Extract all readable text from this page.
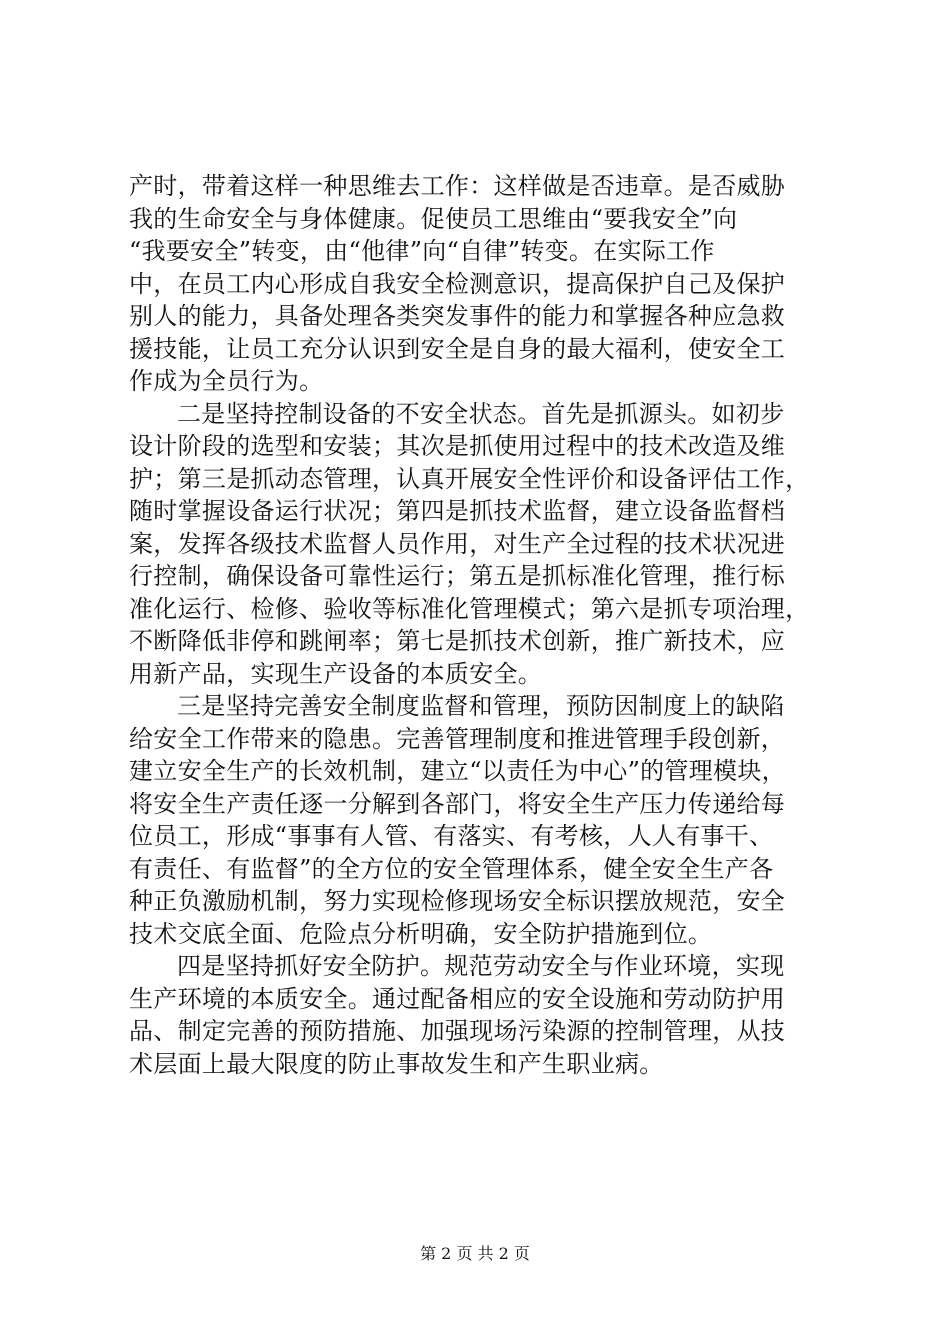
产时，带着这样一种思维去工作：这样做是否违章。是否威胁
我的生命安全与身体健康。促使员工思维由“要我安全”向
“我要安全”转变，由“他律”向“自律”转变。在实际工作
中，在员工内心形成自我安全检测意识，提高保护自己及保护
别人的能力，具备处理各类突发事件的能力和掌握各种应急救
援技能，让员工充分认识到安全是自身的最大福利，使安全工
作成为全员行为。
二是坚持控制设备的不安全状态。首先是抓源头。如初步
设计阶段的选型和安装；其次是抓使用过程中的技术改造及维
护；第三是抓动态管理，认真开展安全性评价和设备评估工作，
随时掌握设备运行状况；第四是抓技术监督，建立设备监督档
案，发挥各级技术监督人员作用，对生产全过程的技术状况进
行控制，确保设备可靠性运行；第五是抓标准化管理，推行标
准化运行、检修、验收等标准化管理模式；第六是抓专项治理，
不断降低非停和跳闸率；第七是抓技术创新，推广新技术，应
用新产品，实现生产设备的本质安全。
三是坚持完善安全制度监督和管理，预防因制度上的缺陷
给安全工作带来的隐患。完善管理制度和推进管理手段创新，
建立安全生产的长效机制，建立“以责任为中心”的管理模块，
将安全生产责任逐一分解到各部门，将安全生产压力传递给每
位员工，形成“事事有人管、有落实、有考核，人人有事干、
有责任、有监督”的全方位的安全管理体系，健全安全生产各
种正负激励机制，努力实现检修现场安全标识摆放规范，安全
技术交底全面、危险点分析明确，安全防护措施到位。
四是坚持抓好安全防护。规范劳动安全与作业环境，实现
生产环境的本质安全。通过配备相应的安全设施和劳动防护用
品、制定完善的预防措施、加强现场污染源的控制管理，从技
术层面上最大限度的防止事故发生和产生职业病。
第 2 页 共 2 页
